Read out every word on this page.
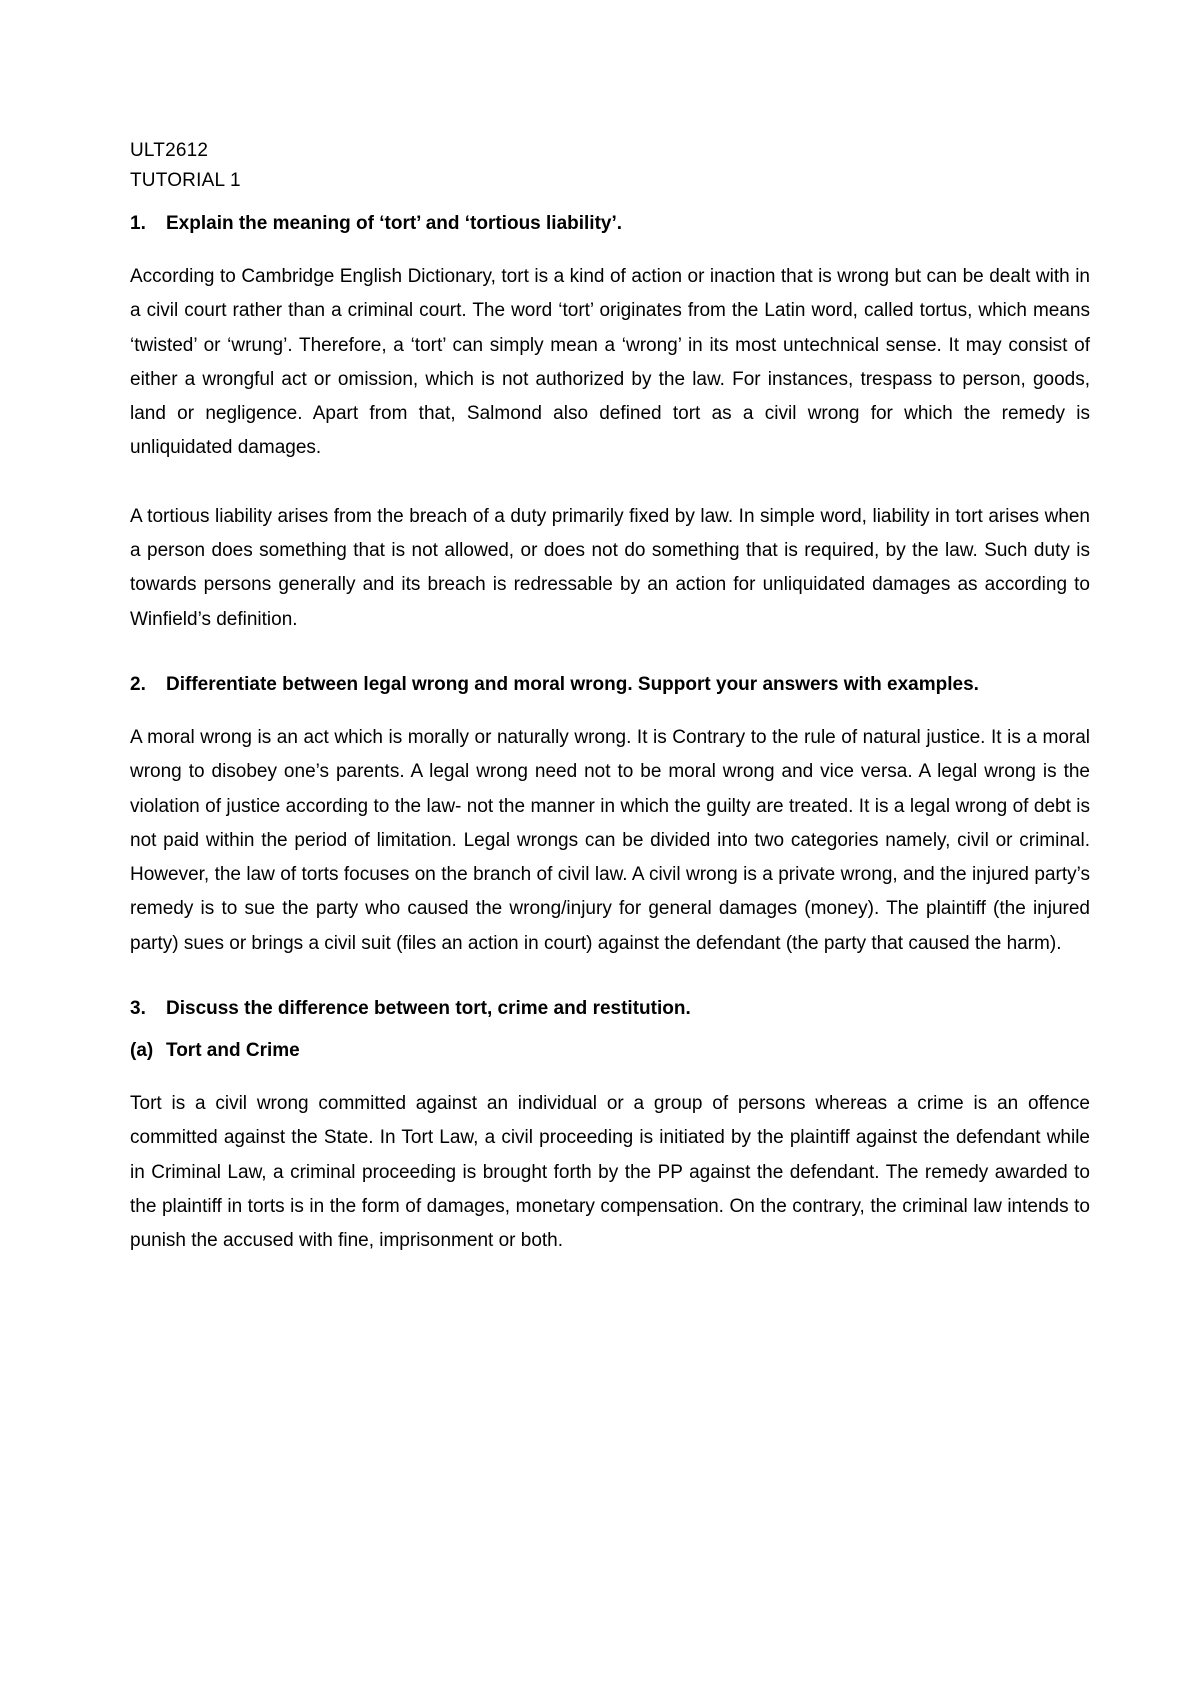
ULT2612

TUTORIAL 1

1.	Explain the meaning of ‘tort’ and ‘tortious liability’.

According to Cambridge English Dictionary, tort is a kind of action or inaction that is wrong but can be dealt with in a civil court rather than a criminal court. The word ‘tort’ originates from the Latin word, called tortus, which means ‘twisted’ or ‘wrung’. Therefore, a ‘tort’ can simply mean a ‘wrong’ in its most untechnical sense. It may consist of either a wrongful act or omission, which is not authorized by the law. For instances, trespass to person, goods, land or negligence. Apart from that, Salmond also defined tort as a civil wrong for which the remedy is unliquidated damages.

A tortious liability arises from the breach of a duty primarily fixed by law. In simple word, liability in tort arises when a person does something that is not allowed, or does not do something that is required, by the law. Such duty is towards persons generally and its breach is redressable by an action for unliquidated damages as according to Winfield’s definition.

2.	Differentiate between legal wrong and moral wrong. Support your answers with examples.

A moral wrong is an act which is morally or naturally wrong. It is Contrary to the rule of natural justice. It is a moral wrong to disobey one’s parents. A legal wrong need not to be moral wrong and vice versa. A legal wrong is the violation of justice according to the law- not the manner in which the guilty are treated. It is a legal wrong of debt is not paid within the period of limitation. Legal wrongs can be divided into two categories namely, civil or criminal. However, the law of torts focuses on the branch of civil law. A civil wrong is a private wrong, and the injured party’s remedy is to sue the party who caused the wrong/injury for general damages (money). The plaintiff (the injured party) sues or brings a civil suit (files an action in court) against the defendant (the party that caused the harm).

3.	Discuss the difference between tort, crime and restitution.
(a) Tort and Crime

Tort is a civil wrong committed against an individual or a group of persons whereas a crime is an offence committed against the State. In Tort Law, a civil proceeding is initiated by the plaintiff against the defendant while in Criminal Law, a criminal proceeding is brought forth by the PP against the defendant. The remedy awarded to the plaintiff in torts is in the form of damages, monetary compensation. On the contrary, the criminal law intends to punish the accused with fine, imprisonment or both.
